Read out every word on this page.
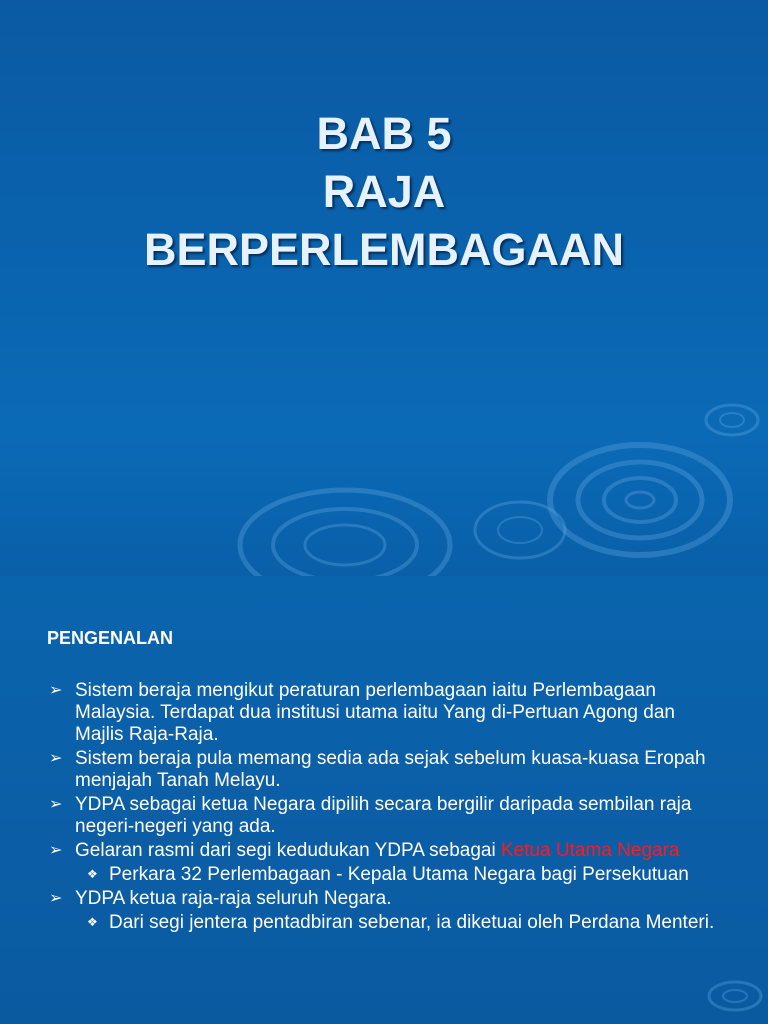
BAB 5
RAJA
BERPERLEMBAGAAN
PENGENALAN
➢ Sistem beraja mengikut peraturan perlembagaan iaitu Perlembagaan Malaysia. Terdapat dua institusi utama iaitu Yang di-Pertuan Agong dan Majlis Raja-Raja.
➢ Sistem beraja pula memang sedia ada sejak sebelum kuasa-kuasa Eropah menjajah Tanah Melayu.
➢ YDPA sebagai ketua Negara dipilih secara bergilir daripada sembilan raja negeri-negeri yang ada.
➢ Gelaran rasmi dari segi kedudukan YDPA sebagai Ketua Utama Negara
❖ Perkara 32 Perlembagaan - Kepala Utama Negara bagi Persekutuan
➢ YDPA ketua raja-raja seluruh Negara.
❖ Dari segi jentera pentadbiran sebenar, ia diketuai oleh Perdana Menteri.
